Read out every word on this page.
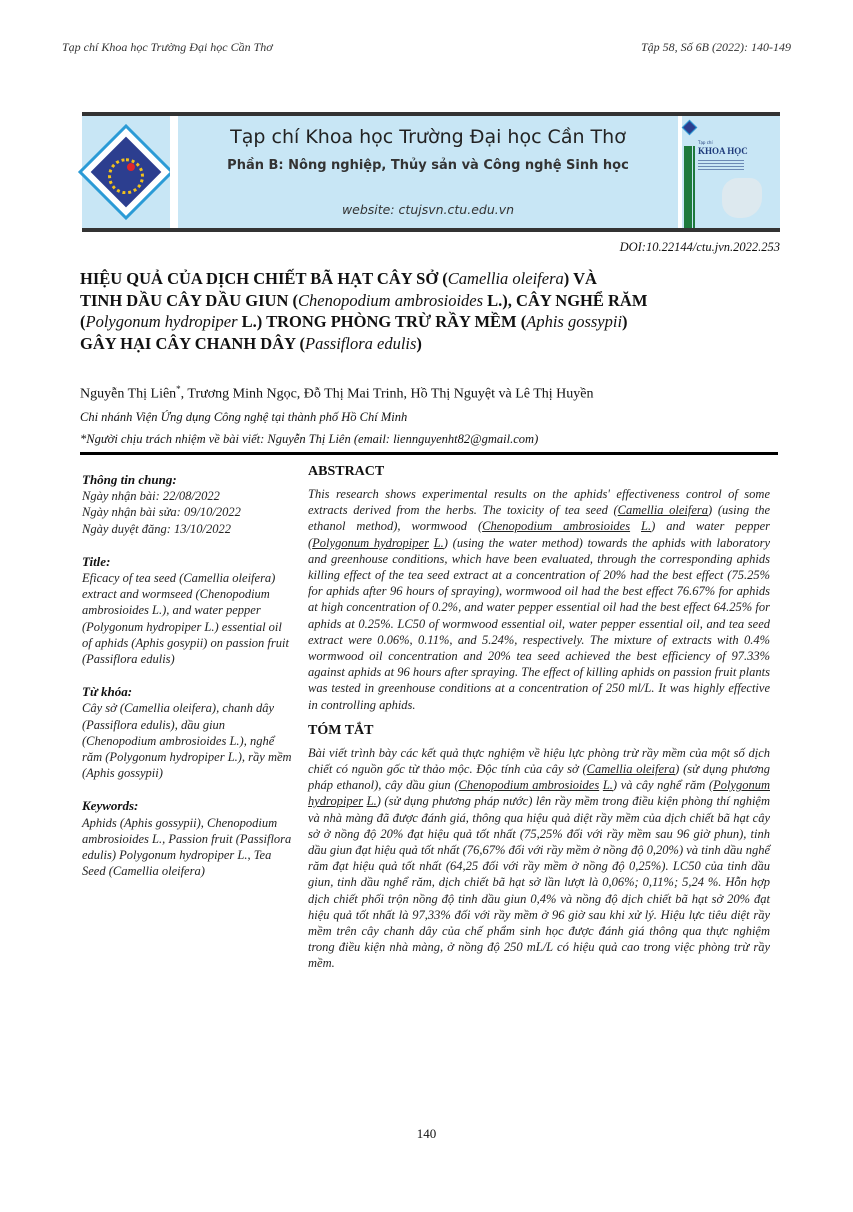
Tạp chí Khoa học Trường Đại học Cần Thơ	Tập 58, Số 6B (2022): 140-149
Tạp chí Khoa học Trường Đại học Cần Thơ
Phần B: Nông nghiệp, Thủy sản và Công nghệ Sinh học
website: ctujsvn.ctu.edu.vn
Tạp chí
KHOA HỌC
DOI:10.22144/ctu.jvn.2022.253
HIỆU QUẢ CỦA DỊCH CHIẾT BÃ HẠT CÂY SỞ (Camellia oleifera) VÀ
TINH DẦU CÂY DẦU GIUN (Chenopodium ambrosioides L.), CÂY NGHỂ RĂM
(Polygonum hydropiper L.) TRONG PHÒNG TRỪ RẦY MỀM (Aphis gossypii)
GÂY HẠI CÂY CHANH DÂY (Passiflora edulis)
Nguyễn Thị Liên*, Trương Minh Ngọc, Đỗ Thị Mai Trinh, Hồ Thị Nguyệt và Lê Thị Huyền
Chi nhánh Viện Ứng dụng Công nghệ tại thành phố Hồ Chí Minh
*Người chịu trách nhiệm về bài viết: Nguyễn Thị Liên (email: liennguyenht82@gmail.com)
Thông tin chung:
Ngày nhận bài: 22/08/2022
Ngày nhận bài sửa: 09/10/2022
Ngày duyệt đăng: 13/10/2022
Title:
Eficacy of tea seed (Camellia oleifera) extract and wormseed (Chenopodium ambrosioides L.), and water pepper (Polygonum hydropiper L.) essential oil of aphids (Aphis gosypii) on passion fruit (Passiflora edulis)
Từ khóa:
Cây sở (Camellia oleifera), chanh dây (Passiflora edulis), dầu giun (Chenopodium ambrosioides L.), nghể răm (Polygonum hydropiper L.), rầy mềm (Aphis gossypii)
Keywords:
Aphids (Aphis gossypii), Chenopodium ambrosioides L., Passion fruit (Passiflora edulis) Polygonum hydropiper L., Tea Seed (Camellia oleifera)
ABSTRACT

This research shows experimental results on the aphids' effectiveness control of some extracts derived from the herbs. The toxicity of tea seed (Camellia oleifera) (using the ethanol method), wormwood (Chenopodium ambrosioides L.) and water pepper (Polygonum hydropiper L.) (using the water method) towards the aphids with laboratory and greenhouse conditions, which have been evaluated, through the corresponding aphids killing effect of the tea seed extract at a concentration of 20% had the best effect (75.25% for aphids after 96 hours of spraying), wormwood oil had the best effect 76.67% for aphids at high concentration of 0.2%, and water pepper essential oil had the best effect 64.25% for aphids at 0.25%. LC50 of wormwood essential oil, water pepper essential oil, and tea seed extract were 0.06%, 0.11%, and 5.24%, respectively. The mixture of extracts with 0.4% wormwood oil concentration and 20% tea seed achieved the best efficiency of 97.33% against aphids at 96 hours after spraying. The effect of killing aphids on passion fruit plants was tested in greenhouse conditions at a concentration of 250 ml/L. It was highly effective in controlling aphids.

TÓM TẮT

Bài viết trình bày các kết quả thực nghiệm về hiệu lực phòng trừ rầy mềm của một số dịch chiết có nguồn gốc từ thảo mộc. Độc tính của cây sở (Camellia oleifera) (sử dụng phương pháp ethanol), cây dầu giun (Chenopodium ambrosioides L.) và cây nghể răm (Polygonum hydropiper L.) (sử dụng phương pháp nước) lên rầy mềm trong điều kiện phòng thí nghiệm và nhà màng đã được đánh giá, thông qua hiệu quả diệt rầy mềm của dịch chiết bã hạt cây sở ở nồng độ 20% đạt hiệu quả tốt nhất (75,25% đối với rầy mềm sau 96 giờ phun), tinh dầu giun đạt hiệu quả tốt nhất (76,67% đối với rầy mềm ở nồng độ 0,20%) và tinh dầu nghể răm đạt hiệu quả tốt nhất (64,25 đối với rầy mềm ở nồng độ 0,25%). LC50 của tinh dầu giun, tinh dầu nghể răm, dịch chiết bã hạt sở lần lượt là 0,06%; 0,11%; 5,24 %. Hỗn hợp dịch chiết phối trộn nồng độ tinh dầu giun 0,4% và nồng độ dịch chiết bã hạt sở 20% đạt hiệu quả tốt nhất là 97,33% đối với rầy mềm ở 96 giờ sau khi xử lý. Hiệu lực tiêu diệt rầy mềm trên cây chanh dây của chế phẩm sinh học được đánh giá thông qua thực nghiệm trong điều kiện nhà màng, ở nồng độ 250 mL/L có hiệu quả cao trong việc phòng trừ rầy mềm.

140
